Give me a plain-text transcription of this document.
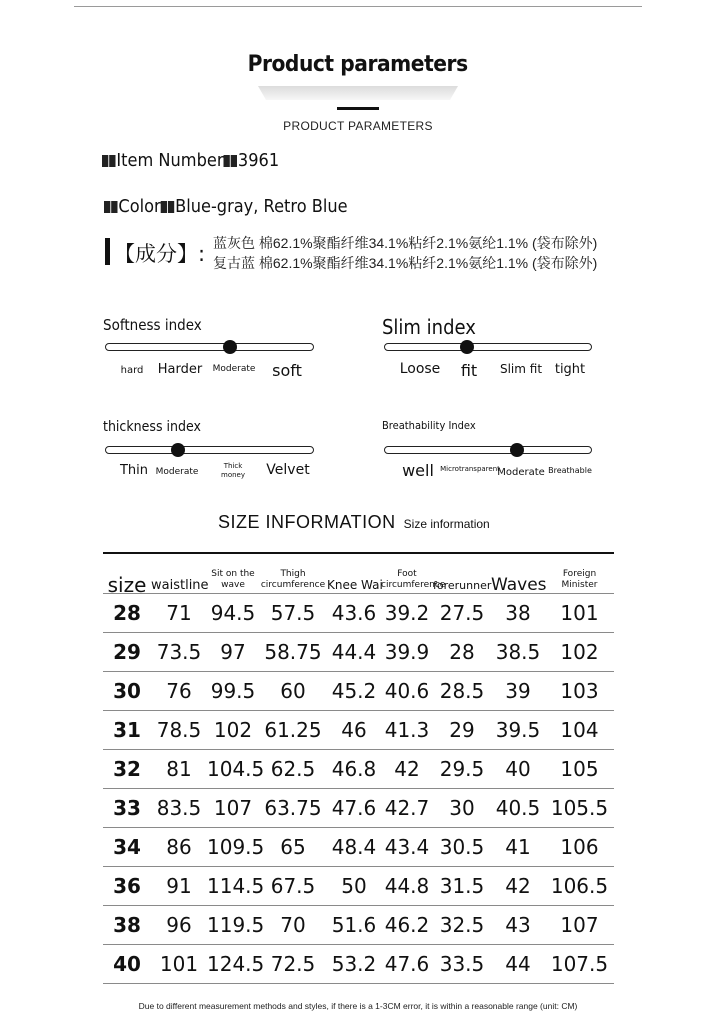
Product parameters
PRODUCT PARAMETERS
Item Number 3961
Color Blue-gray, Retro Blue
【成分】: 蓝灰色 棉62.1%聚酯纤维34.1%粘纤2.1%氨纶1.1% (袋布除外)
复古蓝 棉62.1%聚酯纤维34.1%粘纤2.1%氨纶1.1% (袋布除外)
Softness index
hard Harder Moderate soft
Slim index
Loose fit Slim fit tight
thickness index
Thin Moderate
Thick money Velvet
Breathability Index
well Microtransparent
Moderate Breathable
SIZE INFORMATION Size information
size	waistline	Sit on the wave	Thigh circumference	Knee Wai	Foot circumference	forerunner	Waves	Foreign Minister
28	71	94.5	57.5	43.6	39.2	27.5	38	101
29	73.5	97	58.75	44.4	39.9	28	38.5	102
30	76	99.5	60	45.2	40.6	28.5	39	103
31	78.5	102	61.25	46	41.3	29	39.5	104
32	81	104.5	62.5	46.8	42	29.5	40	105
33	83.5	107	63.75	47.6	42.7	30	40.5	105.5
34	86	109.5	65	48.4	43.4	30.5	41	106
36	91	114.5	67.5	50	44.8	31.5	42	106.5
38	96	119.5	70	51.6	46.2	32.5	43	107
40	101	124.5	72.5	53.2	47.6	33.5	44	107.5
Due to different measurement methods and styles, if there is a 1-3CM error, it is within a reasonable range (unit: CM)
